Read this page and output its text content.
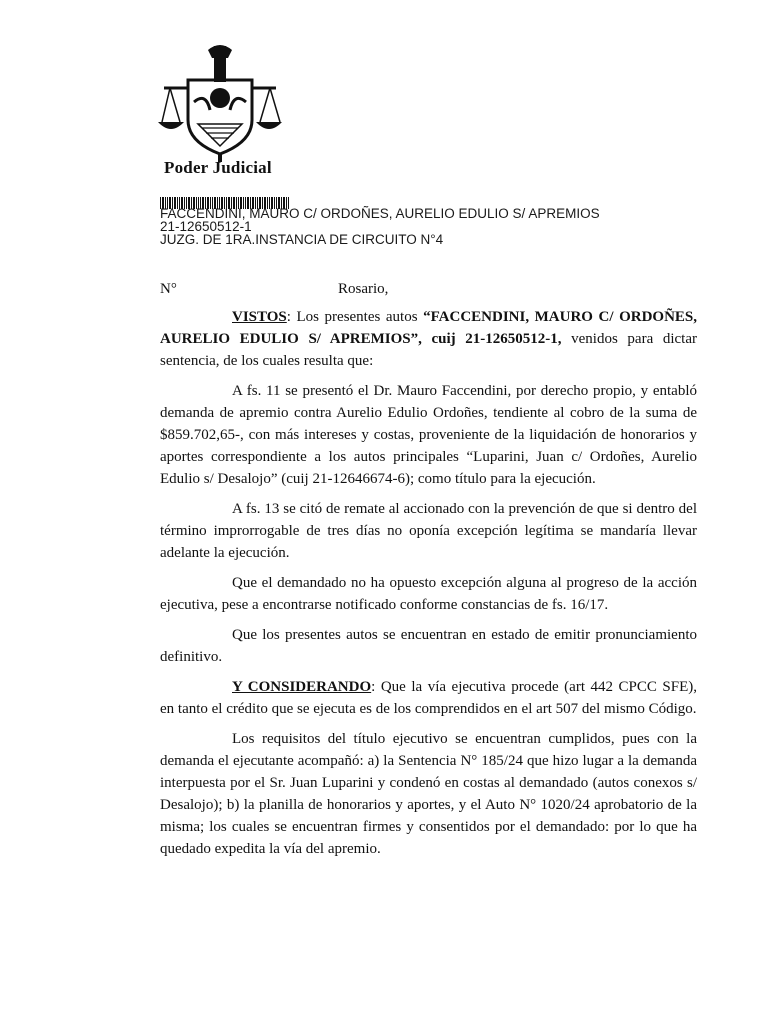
Poder Judicial
FACCENDINI, MAURO C/ ORDOÑES, AURELIO EDULIO S/ APREMIOS
21-12650512-1
JUZG. DE 1RA.INSTANCIA DE CIRCUITO N°4
N°	Rosario,

VISTOS: Los presentes autos “FACCENDINI, MAURO C/ ORDOÑES, AURELIO EDULIO S/ APREMIOS”, cuij 21-12650512-1, venidos para dictar sentencia, de los cuales resulta que:

A fs. 11 se presentó el Dr. Mauro Faccendini, por derecho propio, y entabló demanda de apremio contra Aurelio Edulio Ordoñes, tendiente al cobro de la suma de $859.702,65-, con más intereses y costas, proveniente de la liquidación de honorarios y aportes correspondiente a los autos principales “Luparini, Juan c/ Ordoñes, Aurelio Edulio s/ Desalojo” (cuij 21-12646674-6); como título para la ejecución.

A fs. 13 se citó de remate al accionado con la prevención de que si dentro del término improrrogable de tres días no oponía excepción legítima se mandaría llevar adelante la ejecución.

Que el demandado no ha opuesto excepción alguna al progreso de la acción ejecutiva, pese a encontrarse notificado conforme constancias de fs. 16/17.

Que los presentes autos se encuentran en estado de emitir pronunciamiento definitivo.

Y CONSIDERANDO: Que la vía ejecutiva procede (art 442 CPCC SFE), en tanto el crédito que se ejecuta es de los comprendidos en el art 507 del mismo Código.

Los requisitos del título ejecutivo se encuentran cumplidos, pues con la demanda el ejecutante acompañó: a) la Sentencia N° 185/24 que hizo lugar a la demanda interpuesta por el Sr. Juan Luparini y condenó en costas al demandado (autos conexos s/ Desalojo); b) la planilla de honorarios y aportes, y el Auto N° 1020/24 aprobatorio de la misma; los cuales se encuentran firmes y consentidos por el demandado: por lo que ha quedado expedita la vía del apremio.
